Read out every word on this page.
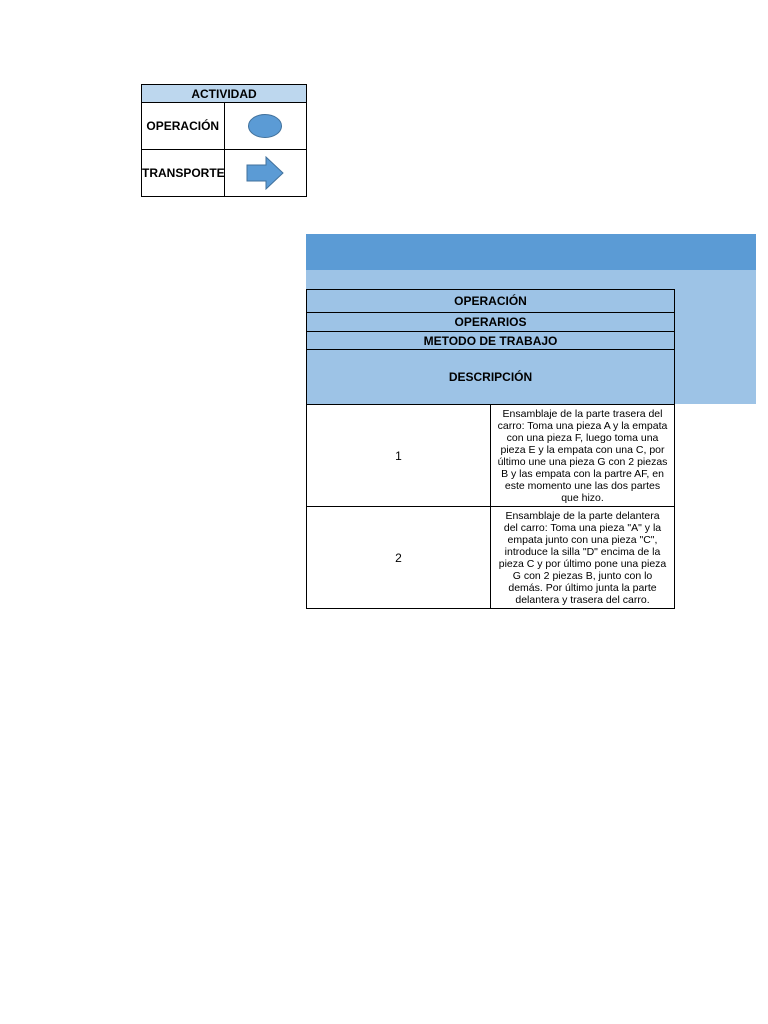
ACTIVIDAD	
OPERACIÓN	

TRANSPORTE	
OPERACIÓN	
OPERARIOS	
METODO DE TRABAJO	
DESCRIPCIÓN	
1	Ensamblaje de la parte trasera del carro: Toma una pieza A y la empata con una pieza F, luego toma una pieza E y la empata con una C, por último une una pieza G con 2 piezas B y las empata con la partre AF, en este momento une las dos partes que hizo.
2	Ensamblaje de la parte delantera del carro: Toma una pieza "A" y la empata junto con una pieza "C", introduce la silla "D" encima de la pieza C y por último pone una pieza G con 2 piezas B, junto con lo demás. Por último junta la parte delantera y trasera del carro.
